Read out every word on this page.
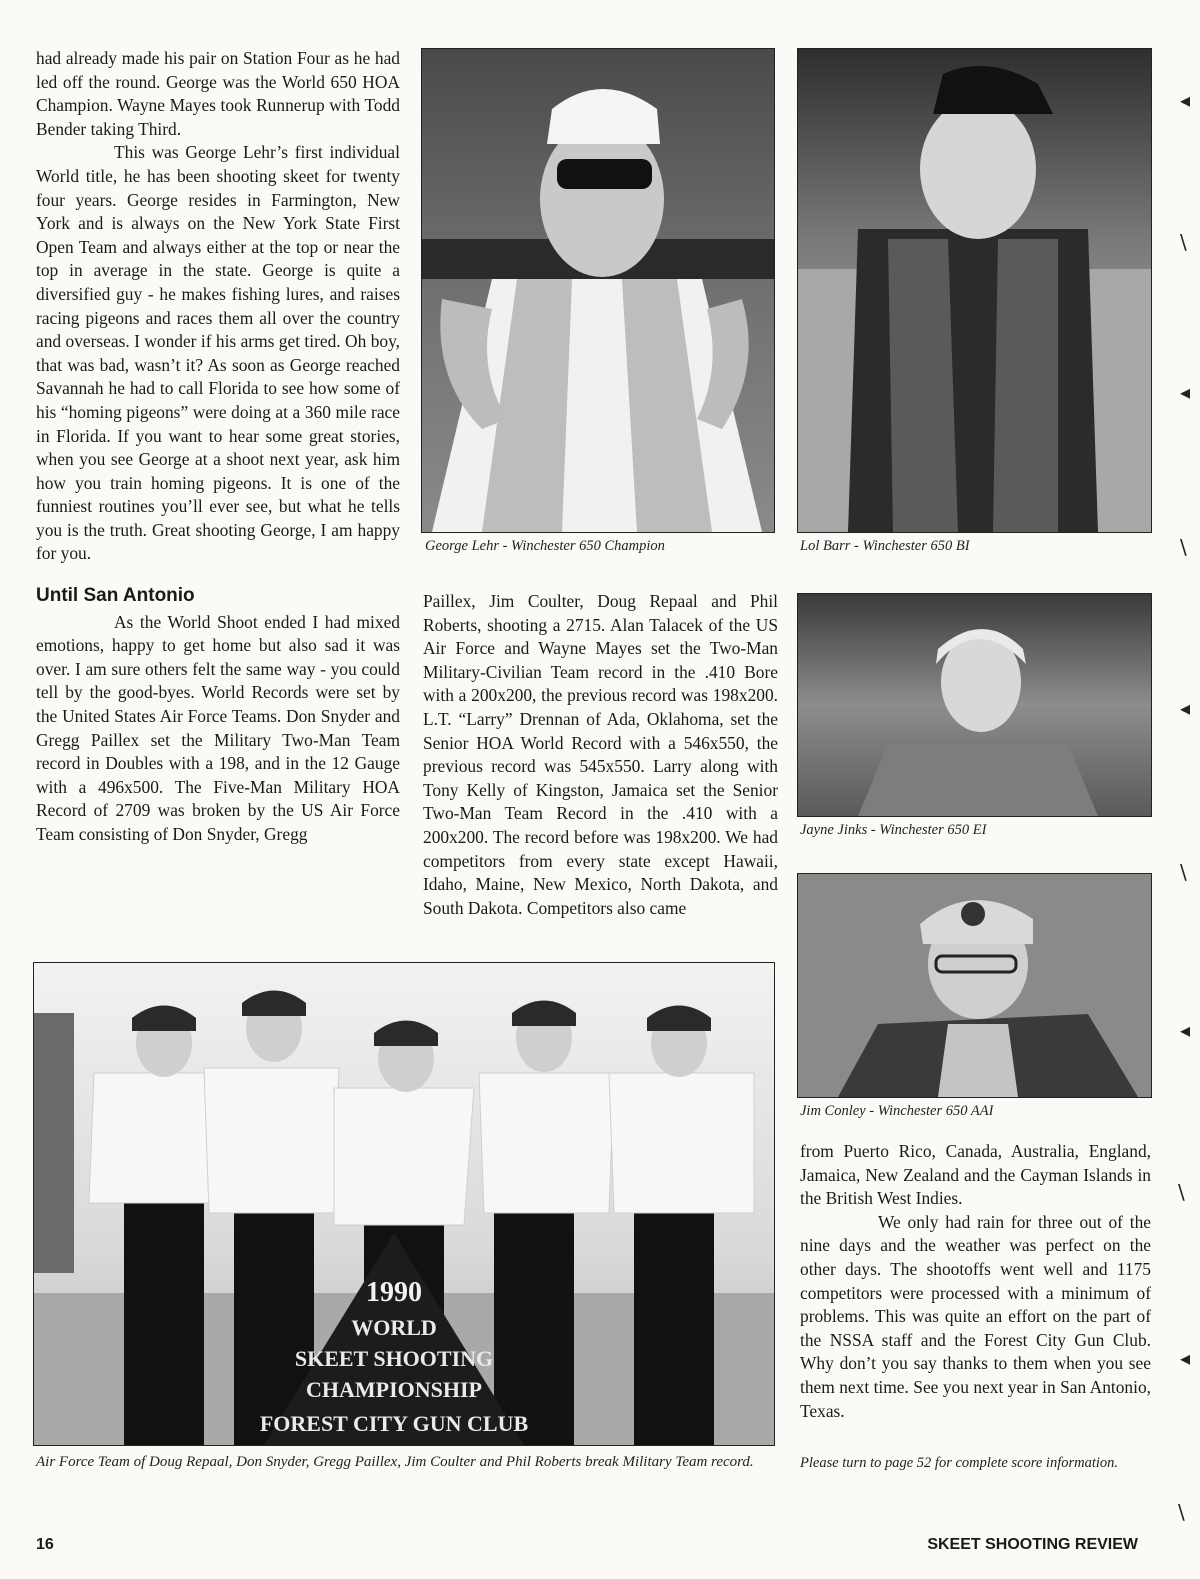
had already made his pair on Station Four as he had led off the round. George was the World 650 HOA Champion. Wayne Mayes took Runnerup with Todd Bender taking Third.

This was George Lehr’s first individual World title, he has been shooting skeet for twenty four years. George resides in Farmington, New York and is always on the New York State First Open Team and always either at the top or near the top in average in the state. George is quite a diversified guy - he makes fishing lures, and raises racing pigeons and races them all over the country and overseas. I wonder if his arms get tired. Oh boy, that was bad, wasn’t it? As soon as George reached Savannah he had to call Florida to see how some of his “homing pigeons” were doing at a 360 mile race in Florida. If you want to hear some great stories, when you see George at a shoot next year, ask him how you train homing pigeons. It is one of the funniest routines you’ll ever see, but what he tells you is the truth. Great shooting George, I am happy for you.

Until San Antonio

As the World Shoot ended I had mixed emotions, happy to get home but also sad it was over. I am sure others felt the same way - you could tell by the good-byes. World Records were set by the United States Air Force Teams. Don Snyder and Gregg Paillex set the Military Two-Man Team record in Doubles with a 198, and in the 12 Gauge with a 496x500. The Five-Man Military HOA Record of 2709 was broken by the US Air Force Team consisting of Don Snyder, Gregg

George Lehr - Winchester 650 Champion	Lol Barr - Winchester 650 BI
Jayne Jinks - Winchester 650 EI
Jim Conley - Winchester 650 AAI

Paillex, Jim Coulter, Doug Repaal and Phil Roberts, shooting a 2715. Alan Talacek of the US Air Force and Wayne Mayes set the Two-Man Military-Civilian Team record in the .410 Bore with a 200x200, the previous record was 198x200. L.T. “Larry” Drennan of Ada, Oklahoma, set the Senior HOA World Record with a 546x550, the previous record was 545x550. Larry along with Tony Kelly of Kingston, Jamaica set the Senior Two-Man Team Record in the .410 with a 200x200. The record before was 198x200. We had competitors from every state except Hawaii, Idaho, Maine, New Mexico, North Dakota, and South Dakota. Competitors also came

1990
WORLD
SKEET SHOOTING
CHAMPIONSHIP
FOREST CITY GUN CLUB
Air Force Team of Doug Repaal, Don Snyder, Gregg Paillex, Jim Coulter and Phil Roberts break Military Team record.

from Puerto Rico, Canada, Australia, England, Jamaica, New Zealand and the Cayman Islands in the British West Indies.

We only had rain for three out of the nine days and the weather was perfect on the other days. The shootoffs went well and 1175 competitors were processed with a minimum of problems. This was quite an effort on the part of the NSSA staff and the Forest City Gun Club. Why don’t you say thanks to them when you see them next time. See you next year in San Antonio, Texas.

Please turn to page 52 for complete score information.
◂
\
◂
\
◂
\
◂
\
◂
\
16	SKEET SHOOTING REVIEW
